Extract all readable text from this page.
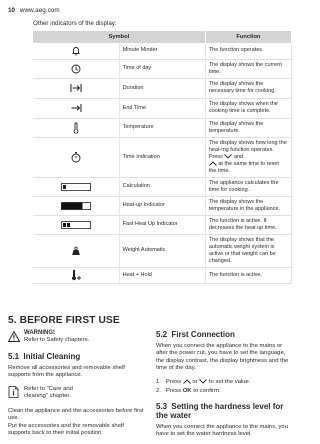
10 www.aeg.com
Other indicators of the display:
Symbol		Function

	Minute Minder	The function operates.

	Time of day	The display shows the current time.

	Duration	The display shows the necessary time for cooking.

	End Time	The display shows when the cooking time is complete.

	Temperature	The display shows the temperature.

	Time Indication	The display shows how long the heat-ing function operates. Press and
at the same time to reset the time.

	Calculation	The appliance calculates the time for cooking.

	Heat-up Indicator	The display shows the temperature in the appliance.

	Fast Heat Up Indicator	The function is active. It decreases the heat up time.

	Weight Automatic	The display shows that the automatic weight system is active or that weight can be changed.

	Heat + Hold	The function is active.
5. BEFORE FIRST USE
WARNING!
Refer to Safety chapters.
5.1 Initial Cleaning

Remove all accessories and removable shelf supports from the appliance.

Refer to "Care and cleaning" chapter.

Clean the appliance and the accessories before first use.

Put the accessories and the removable shelf supports back to their initial position.

5.2 First Connection

When you connect the appliance to the mains or after the power cut, you have to set the language, the display contrast, the display brightness and the time of the day.

1. Press or to set the value.
2. Press OK to confirm.
5.3 Setting the hardness level for the water

When you connect the appliance to the mains, you have to set the water hardness level.
